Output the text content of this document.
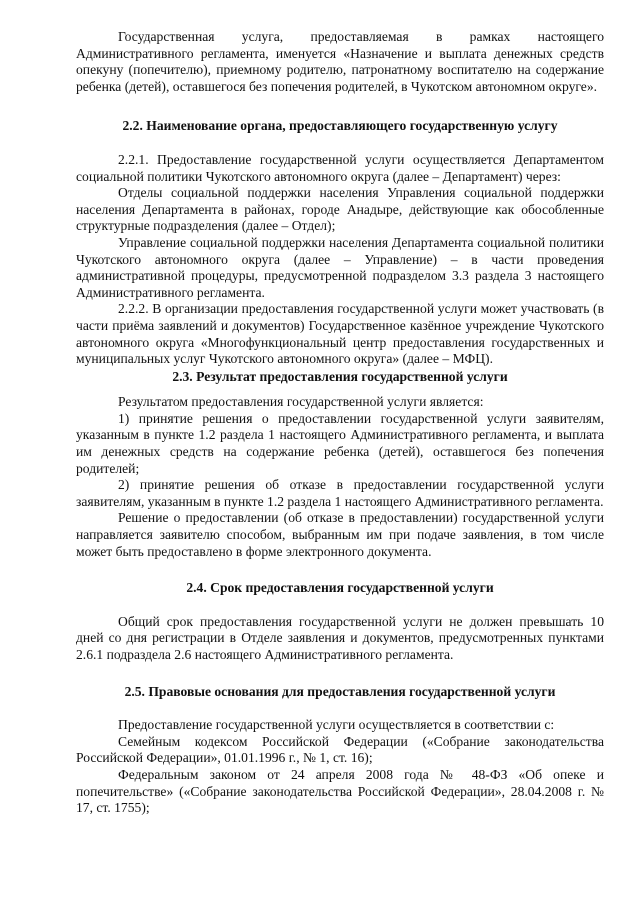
Государственная услуга, предоставляемая в рамках настоящего Административного регламента, именуется «Назначение и выплата денежных средств опекуну (попечителю), приемному родителю, патронатному воспитателю на содержание ребенка (детей), оставшегося без попечения родителей, в Чукотском автономном округе».

2.2. Наименование органа, предоставляющего государственную услугу

2.2.1. Предоставление государственной услуги осуществляется Департаментом социальной политики Чукотского автономного округа (далее – Департамент) через:

Отделы социальной поддержки населения Управления социальной поддержки населения Департамента в районах, городе Анадыре, действующие как обособленные структурные подразделения (далее – Отдел);

Управление социальной поддержки населения Департамента социальной политики Чукотского автономного округа (далее – Управление) – в части проведения административной процедуры, предусмотренной подразделом 3.3 раздела 3 настоящего Административного регламента.

2.2.2. В организации предоставления государственной услуги может участвовать (в части приёма заявлений и документов) Государственное казённое учреждение Чукотского автономного округа «Многофункциональный центр предоставления государственных и муниципальных услуг Чукотского автономного округа» (далее – МФЦ).

2.3. Результат предоставления государственной услуги

Результатом предоставления государственной услуги является:

1) принятие решения о предоставлении государственной услуги заявителям, указанным в пункте 1.2 раздела 1 настоящего Административного регламента, и выплата им денежных средств на содержание ребенка (детей), оставшегося без попечения родителей;

2) принятие решения об отказе в предоставлении государственной услуги заявителям, указанным в пункте 1.2 раздела 1 настоящего Административного регламента.

Решение о предоставлении (об отказе в предоставлении) государственной услуги направляется заявителю способом, выбранным им при подаче заявления, в том числе может быть предоставлено в форме электронного документа.

2.4. Срок предоставления государственной услуги

Общий срок предоставления государственной услуги не должен превышать 10 дней со дня регистрации в Отделе заявления и документов, предусмотренных пунктами 2.6.1 подраздела 2.6 настоящего Административного регламента.

2.5. Правовые основания для предоставления государственной услуги

Предоставление государственной услуги осуществляется в соответствии с:

Семейным кодексом Российской Федерации («Собрание законодательства Российской Федерации», 01.01.1996 г., № 1, ст. 16);

Федеральным законом от 24 апреля 2008 года № 48-ФЗ «Об опеке и попечительстве» («Собрание законодательства Российской Федерации», 28.04.2008 г. № 17, ст. 1755);
